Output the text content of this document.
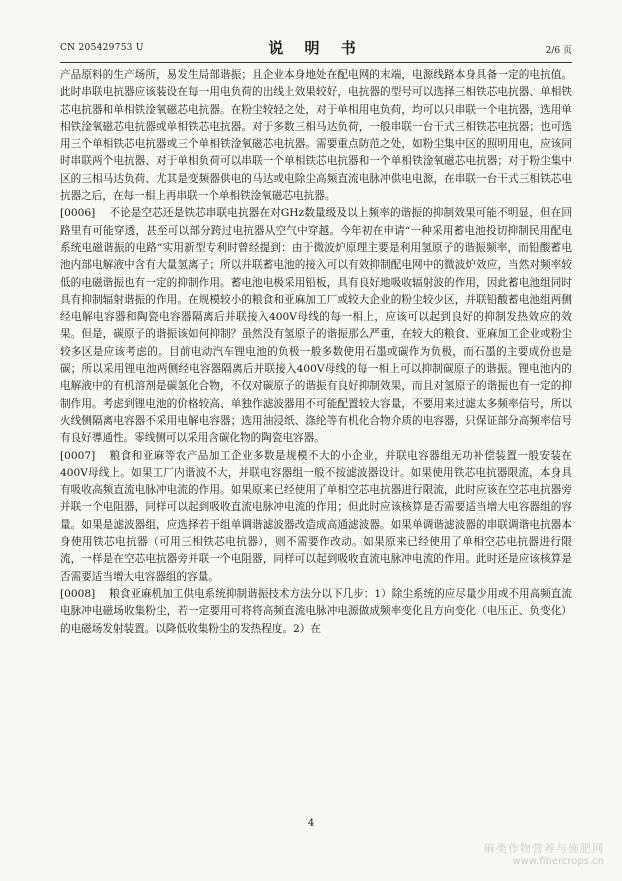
CN 205429753 U	说 明 书	2/6 页

产品原料的生产场所，易发生局部谐振；且企业本身地处在配电网的末端，电源线路本身具备一定的电抗值。此时串联电抗器应该装设在每一用电负荷的出线上效果较好，电抗器的型号可以选择三相铁芯电抗器、单相铁芯电抗器和单相铁淦氧磁芯电抗器。在粉尘较轻之处，对于单相用电负荷，均可以只串联一个电抗器，选用单相铁淦氧磁芯电抗器或单相铁芯电抗器。对于多数三相马达负荷，一般串联一台干式三相铁芯电抗器；也可选用三个单相铁芯电抗器或三个单相铁淦氧磁芯电抗器。需要重点防范之处，如粉尘集中区的照明用电，应该同时串联两个电抗器、对于单相负荷可以串联一个单相铁芯电抗器和一个单相铁淦氧磁芯电抗器；对于粉尘集中区的三相马达负荷、尤其是变频器供电的马达或电除尘高频直流电脉冲供电电源，在串联一台干式三相铁芯电抗器之后，在每一相上再串联一个单相铁淦氧磁芯电抗器。

[0006] 不论是空芯还是铁芯串联电抗器在对GHz数量级及以上频率的谐振的抑制效果可能不明显，但在回路里有可能穿透，甚至可以部分跨过电抗器从空气中穿越。今年初在申请“一种采用蓄电池投切抑制民用配电系统电磁谐振的电路”实用新型专利时曾经提到：由于微波炉原理主要是利用氢原子的谐振频率，而铅酸蓄电池内部电解液中含有大量氢离子；所以并联蓄电池的接入可以有效抑制配电网中的微波炉效应，当然对频率较低的电磁谐振也有一定的抑制作用。蓄电池电极采用铅板，具有良好地吸收辐射波的作用，因此蓄电池组同时具有抑制辐射谐振的作用。在规模较小的粮食和亚麻加工厂或较大企业的粉尘较少区，并联铅酸蓄电池组两侧经电解电容器和陶瓷电容器隔离后并联接入400V母线的每一相上，应该可以起到良好的抑制发热效应的效果。但是，碳原子的谐振该如何抑制？虽然没有氢原子的谐振那么严重，在较大的粮食、亚麻加工企业或粉尘较多区是应该考虑的。目前电动汽车锂电池的负极一般多数使用石墨或碳作为负极，而石墨的主要成份也是碳；所以采用锂电池两侧经电容器隔离后并联接入400V母线的每一相上可以抑制碳原子的谐振。锂电池内的电解液中的有机溶剂是碳氢化合物，不仅对碳原子的谐振有良好抑制效果，而且对氢原子的谐振也有一定的抑制作用。考虑到锂电池的价格较高、单独作滤波器用不可能配置较大容量，不要用来过滤太多频率信号，所以火线侧隔离电容器不采用电解电容器；选用油浸纸、涤纶等有机化合物介质的电容器，只保证部分高频率信号有良好導通性。零线侧可以采用含碳化物的陶瓷电容器。

[0007] 粮食和亚麻等农产品加工企业多数是规模不大的小企业，并联电容器组无功补偿装置一般安装在400V母线上。如果工厂内谐波不大，并联电容器组一般不按滤波器设计。如果使用铁芯电抗器限流，本身具有吸收高频直流电脉冲电流的作用。如果原来已经使用了单相空芯电抗器进行限流，此时应该在空芯电抗器旁并联一个电阻器，同样可以起到吸收直流电脉冲电流的作用；但此时应该核算是否需要适当增大电容器组的容量。如果是滤波器组，应选择若干组单调谐滤波器改造成高通滤波器。如果单调谐滤波器的串联调谐电抗器本身使用铁芯电抗器（可用三相铁芯电抗器），则不需要作改动。如果原来已经使用了单相空芯电抗器进行限流，一样是在空芯电抗器旁并联一个电阻器，同样可以起到吸收直流电脉冲电流的作用。此时还是应该核算是否需要适当增大电容器组的容量。

[0008] 粮食亚麻机加工供电系统抑制谐振技术方法分以下几步：1）除尘系统的应尽量少用或不用高频直流电脉冲电磁场收集粉尘，若一定要用可将将高频直流电脉冲电源做成频率变化且方向变化（电压正、负变化）的电磁场发射装置。以降低收集粉尘的发热程度。2）在

4
麻类作物营养与施肥网
www.fibercrops.cn
